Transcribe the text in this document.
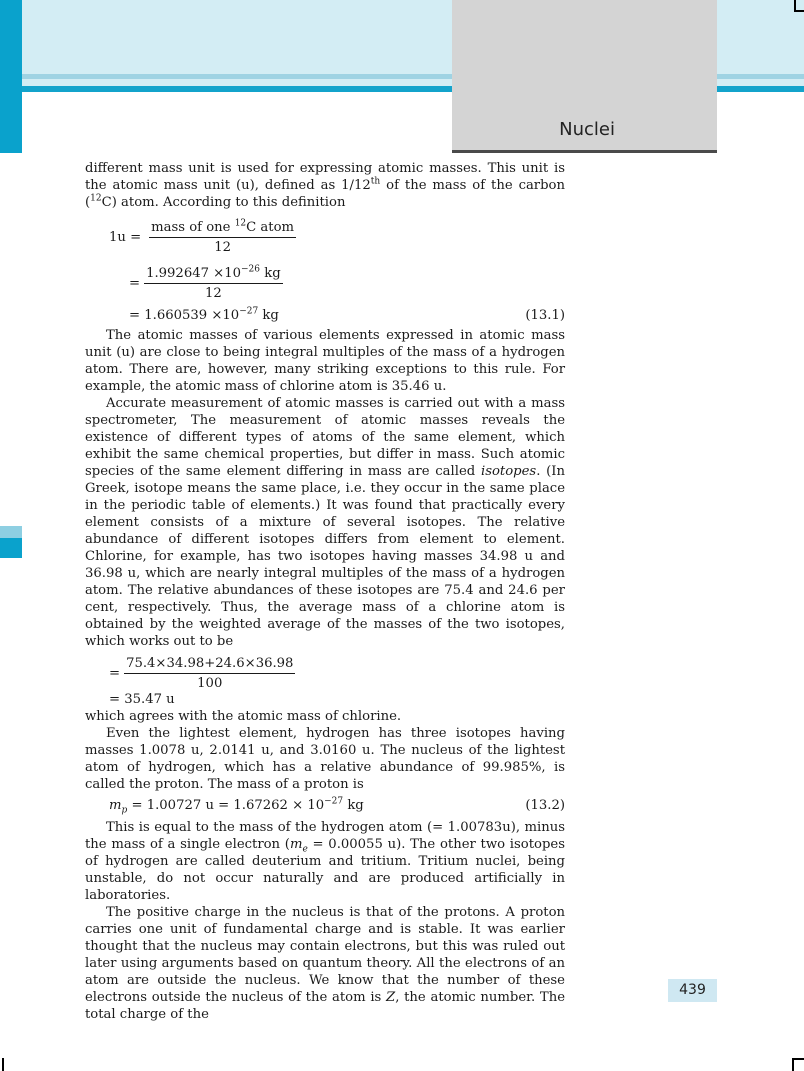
Nuclei

different mass unit is used for expressing atomic masses. This unit is the atomic mass unit (u), defined as 1/12th of the mass of the carbon ($^{12}$C) atom. According to this definition

$1u = \frac{mass of one ^{12}C atom}{12}$
= $\frac{1.992647 \times 10^{-26} kg}{12}$
= $1.660539 \times 10^{-27}$ kg	(13.1)

The atomic masses of various elements expressed in atomic mass unit (u) are close to being integral multiples of the mass of a hydrogen atom. There are, however, many striking exceptions to this rule. For example, the atomic mass of chlorine atom is 35.46 u.

Accurate measurement of atomic masses is carried out with a mass spectrometer, The measurement of atomic masses reveals the existence of different types of atoms of the same element, which exhibit the same chemical properties, but differ in mass. Such atomic species of the same element differing in mass are called isotopes. (In Greek, isotope means the same place, i.e. they occur in the same place in the periodic table of elements.) It was found that practically every element consists of a mixture of several isotopes. The relative abundance of different isotopes differs from element to element. Chlorine, for example, has two isotopes having masses 34.98 u and 36.98 u, which are nearly integral multiples of the mass of a hydrogen atom. The relative abundances of these isotopes are 75.4 and 24.6 per cent, respectively. Thus, the average mass of a chlorine atom is obtained by the weighted average of the masses of the two isotopes, which works out to be

= $\frac{75.4\times 34.98+24.6\times 36.98}{100}$
= 35.47 u

which agrees with the atomic mass of chlorine.

Even the lightest element, hydrogen has three isotopes having masses 1.0078 u, 2.0141 u, and 3.0160 u. The nucleus of the lightest atom of hydrogen, which has a relative abundance of 99.985%, is called the proton. The mass of a proton is

$m_p = 1.00727$ $u = 1.67262 \times 10^{-27}$ kg	(13.2)

This is equal to the mass of the hydrogen atom (= 1.00783u), minus the mass of a single electron ($m_e = 0.00055$ u). The other two isotopes of hydrogen are called deuterium and tritium. Tritium nuclei, being unstable, do not occur naturally and are produced artificially in laboratories.

The positive charge in the nucleus is that of the protons. A proton carries one unit of fundamental charge and is stable. It was earlier thought that the nucleus may contain electrons, but this was ruled out later using arguments based on quantum theory. All the electrons of an atom are outside the nucleus. We know that the number of these electrons outside the nucleus of the atom is Z, the atomic number. The total charge of the

439
